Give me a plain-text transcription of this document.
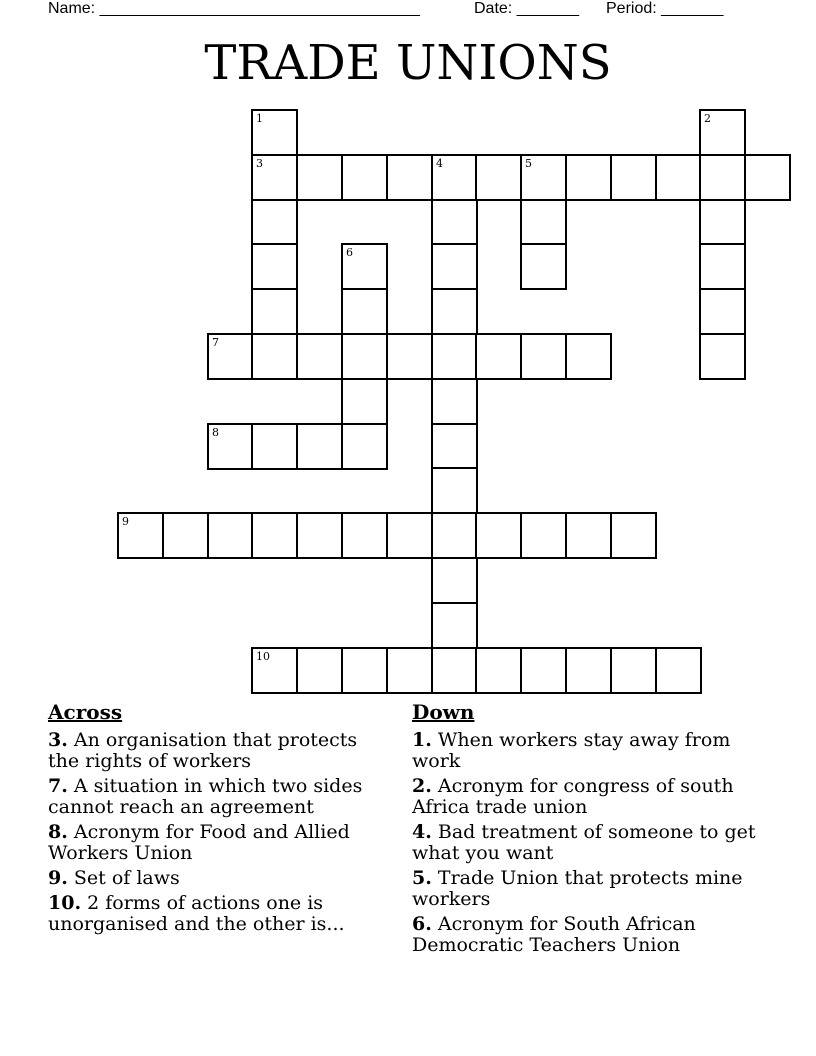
Name: ____________________________________	Date: _______ Period: _______
TRADE UNIONS
1	2
3	4	5
6
7
8
9
10
Across
3. An organisation that protects the rights of workers
7. A situation in which two sides cannot reach an agreement
8. Acronym for Food and Allied Workers Union
9. Set of laws
10. 2 forms of actions one is unorganised and the other is...
Down
1. When workers stay away from work
2. Acronym for congress of south Africa trade union
4. Bad treatment of someone to get what you want
5. Trade Union that protects mine workers
6. Acronym for South African Democratic Teachers Union
